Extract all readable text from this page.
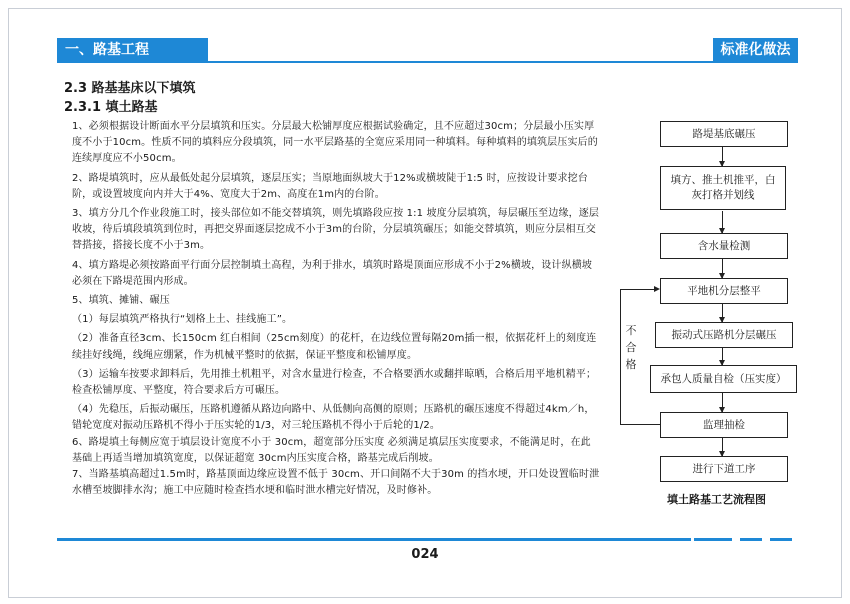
一、路基工程	标准化做法
2.3 路基基床以下填筑
2.3.1 填土路基

1、必须根据设计断面水平分层填筑和压实。分层最大松铺厚度应根据试验确定，且不应超过30cm；分层最小压实厚度不小于10cm。性质不同的填料应分段填筑，同一水平层路基的全宽应采用同一种填料。每种填料的填筑层压实后的连续厚度应不小50cm。

2、路堤填筑时，应从最低处起分层填筑，逐层压实；当原地面纵坡大于12%或横坡陡于1:5 时，应按设计要求挖台阶，或设置坡度向内并大于4%、宽度大于2m、高度在1m内的台阶。

3、填方分几个作业段施工时，接头部位如不能交替填筑，则先填路段应按 1:1 坡度分层填筑，每层碾压至边缘，逐层收坡，待后填段填筑到位时，再把交界面逐层挖成不小于3m的台阶，分层填筑碾压；如能交替填筑，则应分层相互交替搭接，搭接长度不小于3m。

4、填方路堤必须按路面平行面分层控制填土高程，为利于排水，填筑时路堤顶面应形成不小于2%横坡，设计纵横坡必须在下路堤范围内形成。

5、填筑、摊铺、碾压

（1）每层填筑严格执行“划格上土、挂线施工”。

（2）准备直径3cm、长150cm 红白相间（25cm刻度）的花杆，在边线位置每隔20m插一根，依据花杆上的刻度连续挂好线绳，线绳应绷紧，作为机械平整时的依据，保证平整度和松铺厚度。

（3）运输车按要求卸料后，先用推土机粗平，对含水量进行检查，不合格要洒水或翻拌晾晒，合格后用平地机精平；检查松铺厚度、平整度，符合要求后方可碾压。

（4）先稳压，后振动碾压，压路机遵循从路边向路中、从低侧向高侧的原则；压路机的碾压速度不得超过4km／h，错轮宽度对振动压路机不得小于压实轮的1/3，对三轮压路机不得小于后轮的1/2。

6、路堤填土每侧应宽于填层设计宽度不小于 30cm，超宽部分压实度 必须满足填层压实度要求，不能满足时，在此基础上再适当增加填筑宽度，以保证超宽 30cm内压实度合格，路基完成后削坡。

7、当路基填高超过1.5m时，路基顶面边缘应设置不低于 30cm、开口间隔不大于30m 的挡水埂，开口处设置临时泄水槽至坡脚排水沟；施工中应随时检查挡水埂和临时泄水槽完好情况，及时修补。

路堤基底碾压
填方、推土机推平，白灰打格并划线
含水量检测
平地机分层整平
振动式压路机分层碾压
承包人质量自检（压实度）
监理抽检
进行下道工序
不合格
填土路基工艺流程图
024
